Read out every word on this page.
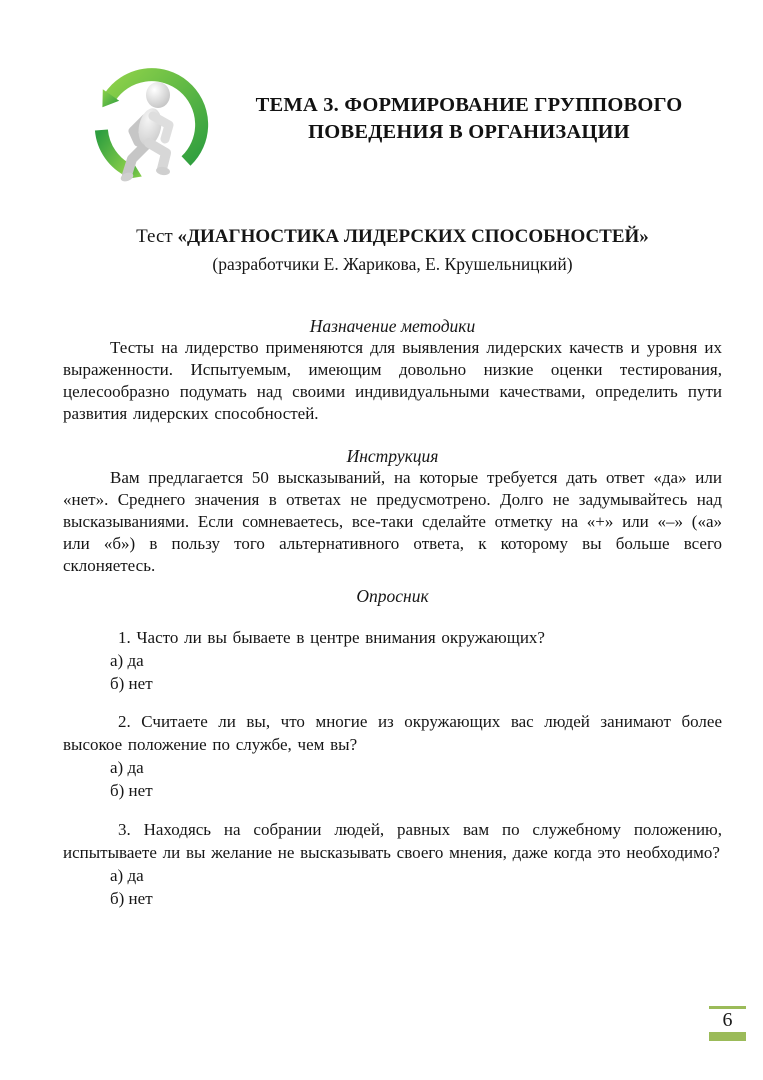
ТЕМА 3. ФОРМИРОВАНИЕ ГРУППОВОГО
ПОВЕДЕНИЯ В ОРГАНИЗАЦИИ
Тест «ДИАГНОСТИКА ЛИДЕРСКИХ СПОСОБНОСТЕЙ»
(разработчики Е. Жарикова, Е. Крушельницкий)
Назначение методики
Тесты на лидерство применяются для выявления лидерских качеств и уровня их выраженности. Испытуемым, имеющим довольно низкие оценки тестирования, целесообразно подумать над своими индивидуальными качествами, определить пути развития лидерских способностей.
Инструкция
Вам предлагается 50 высказываний, на которые требуется дать ответ «да» или «нет». Среднего значения в ответах не предусмотрено. Долго не задумывайтесь над высказываниями. Если сомневаетесь, все-таки сделайте отметку на «+» или «–» («а» или «б») в пользу того альтернативного ответа, к которому вы больше всего склоняетесь.
Опросник
1. Часто ли вы бываете в центре внимания окружающих?
а) да
б) нет
2. Считаете ли вы, что многие из окружающих вас людей занимают более высокое положение по службе, чем вы?
а) да
б) нет
3. Находясь на собрании людей, равных вам по служебному положению, испытываете ли вы желание не высказывать своего мнения, даже когда это необходимо?
а) да
б) нет
6
